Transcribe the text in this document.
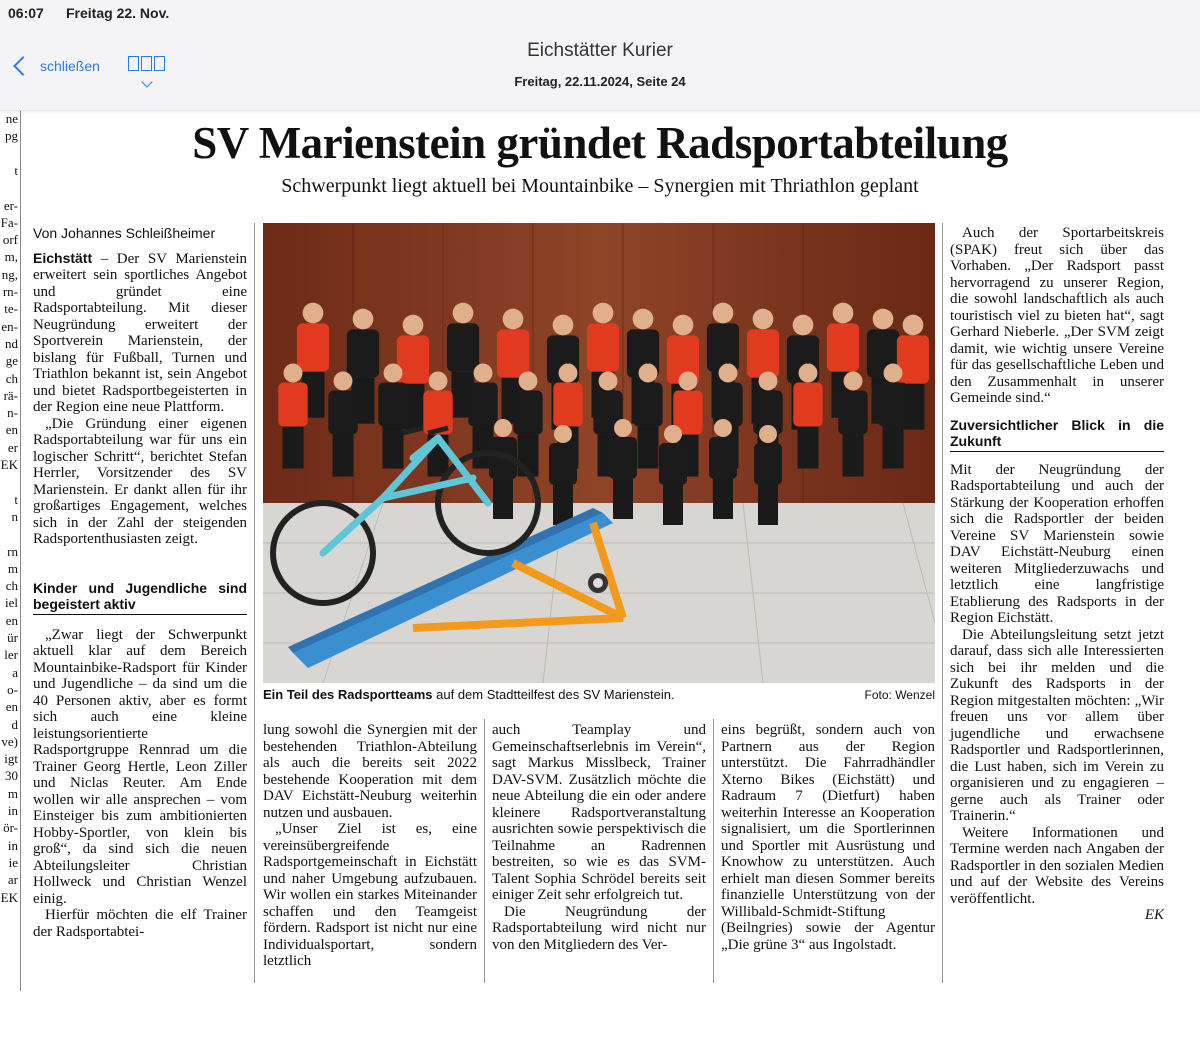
06:07 Freitag 22. Nov.
schließen
Eichstätter Kurier
Freitag, 22.11.2024, Seite 24
ne
pg
t
er-
Fa-
orf
m,
ng,
rn-
te-
en-
nd
ge
ch
rä-
n-
en
er
EK
t
n
rn
m
ch
iel
en
ür
ler
a
o-
en
d
ve)
igt
30
m
in
ör-
in
ie
ar
EK
SV Marienstein gründet Radsportabteilung
Schwerpunkt liegt aktuell bei Mountainbike – Synergien mit Thriathlon geplant

Von Johannes Schleißheimer

Eichstätt – Der SV Marienstein erweitert sein sportliches Angebot und gründet eine Radsportabteilung. Mit dieser Neugründung erweitert der Sportverein Marienstein, der bislang für Fußball, Turnen und Triathlon bekannt ist, sein Angebot und bietet Radsportbegeisterten in der Region eine neue Plattform.

„Die Gründung einer eigenen Radsportabteilung war für uns ein logischer Schritt“, berichtet Stefan Herrler, Vorsitzender des SV Marienstein. Er dankt allen für ihr großartiges Engagement, welches sich in der Zahl der steigenden Radsportenthusiasten zeigt.

Kinder und Jugendliche sind begeistert aktiv

„Zwar liegt der Schwerpunkt aktuell klar auf dem Bereich Mountainbike-Radsport für Kinder und Jugendliche – da sind um die 40 Personen aktiv, aber es formt sich auch eine kleine leistungsorientierte Radsportgruppe Rennrad um die Trainer Georg Hertle, Leon Ziller und Niclas Reuter. Am Ende wollen wir alle ansprechen – vom Einsteiger bis zum ambitionierten Hobby-Sportler, von klein bis groß“, da sind sich die neuen Abteilungsleiter Christian Hollweck und Christian Wenzel einig.

Hierfür möchten die elf Trainer der Radsportabtei-

Ein Teil des Radsportteams auf dem Stadtteilfest des SV Marienstein.	Foto: Wenzel

lung sowohl die Synergien mit der bestehenden Triathlon-Abteilung als auch die bereits seit 2022 bestehende Kooperation mit dem DAV Eichstätt-Neuburg weiterhin nutzen und ausbauen.

„Unser Ziel ist es, eine vereinsübergreifende Radsportgemeinschaft in Eichstätt und naher Umgebung aufzubauen. Wir wollen ein starkes Miteinander schaffen und den Teamgeist fördern. Radsport ist nicht nur eine Individualsportart, sondern letztlich

auch Teamplay und Gemeinschaftserlebnis im Verein“, sagt Markus Misslbeck, Trainer DAV-SVM. Zusätzlich möchte die neue Abteilung die ein oder andere kleinere Radsportveranstaltung ausrichten sowie perspektivisch die Teilnahme an Radrennen bestreiten, so wie es das SVM-Talent Sophia Schrödel bereits seit einiger Zeit sehr erfolgreich tut.

Die Neugründung der Radsportabteilung wird nicht nur von den Mitgliedern des Ver-

eins begrüßt, sondern auch von Partnern aus der Region unterstützt. Die Fahrradhändler Xterno Bikes (Eichstätt) und Radraum 7 (Dietfurt) haben weiterhin Interesse an Kooperation signalisiert, um die Sportlerinnen und Sportler mit Ausrüstung und Knowhow zu unterstützen. Auch erhielt man diesen Sommer bereits finanzielle Unterstützung von der Willibald-Schmidt-Stiftung (Beilngries) sowie der Agentur „Die grüne 3“ aus Ingolstadt.

Auch der Sportarbeitskreis (SPAK) freut sich über das Vorhaben. „Der Radsport passt hervorragend zu unserer Region, die sowohl landschaftlich als auch touristisch viel zu bieten hat“, sagt Gerhard Nieberle. „Der SVM zeigt damit, wie wichtig unsere Vereine für das gesellschaftliche Leben und den Zusammenhalt in unserer Gemeinde sind.“

Zuversichtlicher Blick in die Zukunft

Mit der Neugründung der Radsportabteilung und auch der Stärkung der Kooperation erhoffen sich die Radsportler der beiden Vereine SV Marienstein sowie DAV Eichstätt-Neuburg einen weiteren Mitgliederzuwachs und letztlich eine langfristige Etablierung des Radsports in der Region Eichstätt.

Die Abteilungsleitung setzt jetzt darauf, dass sich alle Interessierten sich bei ihr melden und die Zukunft des Radsports in der Region mitgestalten möchten: „Wir freuen uns vor allem über jugendliche und erwachsene Radsportler und Radsportlerinnen, die Lust haben, sich im Verein zu organisieren und zu engagieren – gerne auch als Trainer oder Trainerin.“

Weitere Informationen und Termine werden nach Angaben der Radsportler in den sozialen Medien und auf der Website des Vereins veröffentlicht.

EK
